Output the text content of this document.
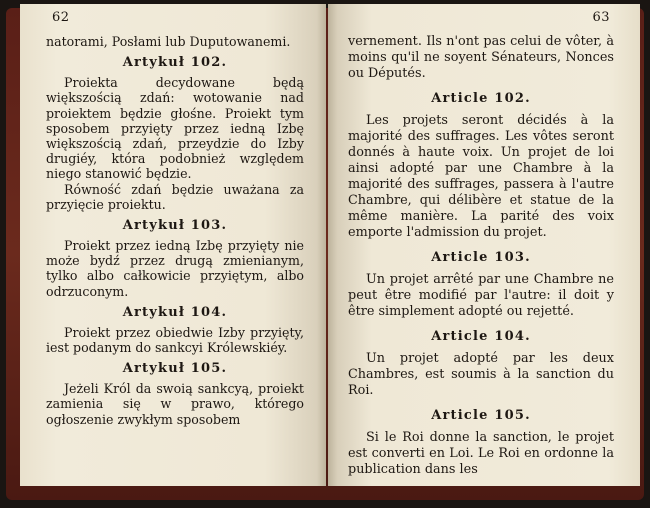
62

natorami, Posłami lub Duputowanemi.

Artykuł 102.

Proiekta decydowane będą większością zdań: wotowanie nad proiektem będzie głośne. Proiekt tym sposobem przyięty przez iedną Izbę większością zdań, przeydzie do Izby drugiéy, która podobnież względem niego stanowić będzie.

Równość zdań będzie uważana za przyięcie proiektu.

Artykuł 103.

Proiekt przez iedną Izbę przyięty nie może bydź przez drugą zmienianym, tylko albo całkowicie przyiętym, albo odrzuconym.

Artykuł 104.

Proiekt przez obiedwie Izby przyięty, iest podanym do sankcyi Królewskiéy.

Artykuł 105.

Jeżeli Król da swoią sankcyą, proiekt zamienia się w prawo, którego ogłoszenie zwykłym sposobem

63

vernement. Ils n'ont pas celui de vôter, à moins qu'il ne soyent Sénateurs, Nonces ou Députés.

Article 102.

Les projets seront décidés à la majorité des suffrages. Les vôtes seront donnés à haute voix. Un projet de loi ainsi adopté par une Chambre à la majorité des suffrages, passera à l'autre Chambre, qui délibère et statue de la même manière. La parité des voix emporte l'admission du projet.

Article 103.

Un projet arrêté par une Chambre ne peut être modifié par l'autre: il doit y être simplement adopté ou rejetté.

Article 104.

Un projet adopté par les deux Chambres, est soumis à la sanction du Roi.

Article 105.

Si le Roi donne la sanction, le projet est converti en Loi. Le Roi en ordonne la publication dans les
